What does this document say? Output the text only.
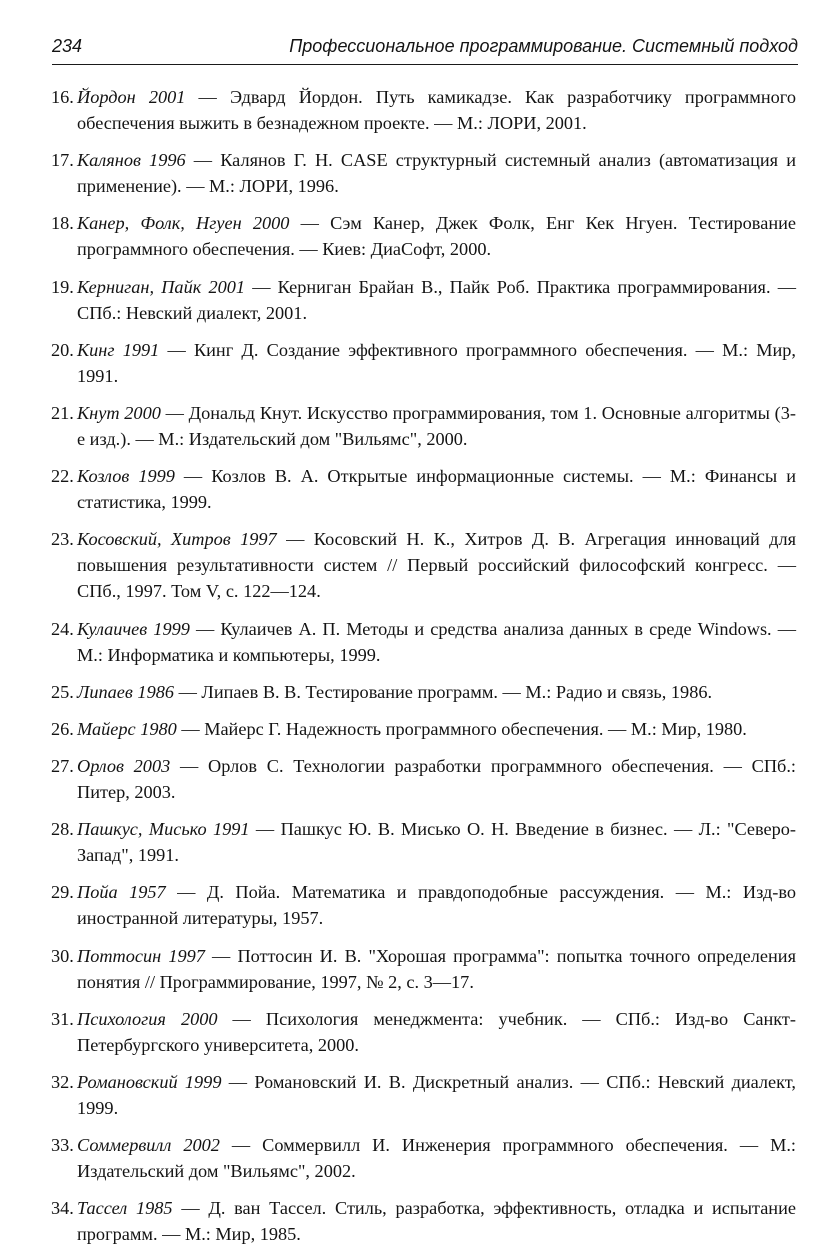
234	Профессиональное программирование. Системный подход
16. Йордон 2001 — Эдвард Йордон. Путь камикадзе. Как разработчику программного обеспечения выжить в безнадежном проекте. — М.: ЛОРИ, 2001.
17. Калянов 1996 — Калянов Г. Н. CASE структурный системный анализ (автоматизация и применение). — М.: ЛОРИ, 1996.
18. Канер, Фолк, Нгуен 2000 — Сэм Канер, Джек Фолк, Енг Кек Нгуен. Тестирование программного обеспечения. — Киев: ДиаСофт, 2000.
19. Керниган, Пайк 2001 — Керниган Брайан В., Пайк Роб. Практика программирования. — СПб.: Невский диалект, 2001.
20. Кинг 1991 — Кинг Д. Создание эффективного программного обеспечения. — М.: Мир, 1991.
21. Кнут 2000 — Дональд Кнут. Искусство программирования, том 1. Основные алгоритмы (3-е изд.). — М.: Издательский дом "Вильямс", 2000.
22. Козлов 1999 — Козлов В. А. Открытые информационные системы. — М.: Финансы и статистика, 1999.
23. Косовский, Хитров 1997 — Косовский Н. К., Хитров Д. В. Агрегация инноваций для повышения результативности систем // Первый российский философский конгресс. — СПб., 1997. Том V, с. 122—124.
24. Кулаичев 1999 — Кулаичев А. П. Методы и средства анализа данных в среде Windows. — М.: Информатика и компьютеры, 1999.
25. Липаев 1986 — Липаев В. В. Тестирование программ. — М.: Радио и связь, 1986.
26. Майерс 1980 — Майерс Г. Надежность программного обеспечения. — М.: Мир, 1980.
27. Орлов 2003 — Орлов С. Технологии разработки программного обеспечения. — СПб.: Питер, 2003.
28. Пашкус, Мисько 1991 — Пашкус Ю. В. Мисько О. Н. Введение в бизнес. — Л.: "Северо-Запад", 1991.
29. Пойа 1957 — Д. Пойа. Математика и правдоподобные рассуждения. — М.: Изд-во иностранной литературы, 1957.
30. Поттосин 1997 — Поттосин И. В. "Хорошая программа": попытка точного определения понятия // Программирование, 1997, № 2, с. 3—17.
31. Психология 2000 — Психология менеджмента: учебник. — СПб.: Изд-во Санкт-Петербургского университета, 2000.
32. Романовский 1999 — Романовский И. В. Дискретный анализ. — СПб.: Невский диалект, 1999.
33. Соммервилл 2002 — Соммервилл И. Инженерия программного обеспечения. — М.: Издательский дом "Вильямс", 2002.
34. Тассел 1985 — Д. ван Тассел. Стиль, разработка, эффективность, отладка и испытание программ. — М.: Мир, 1985.
